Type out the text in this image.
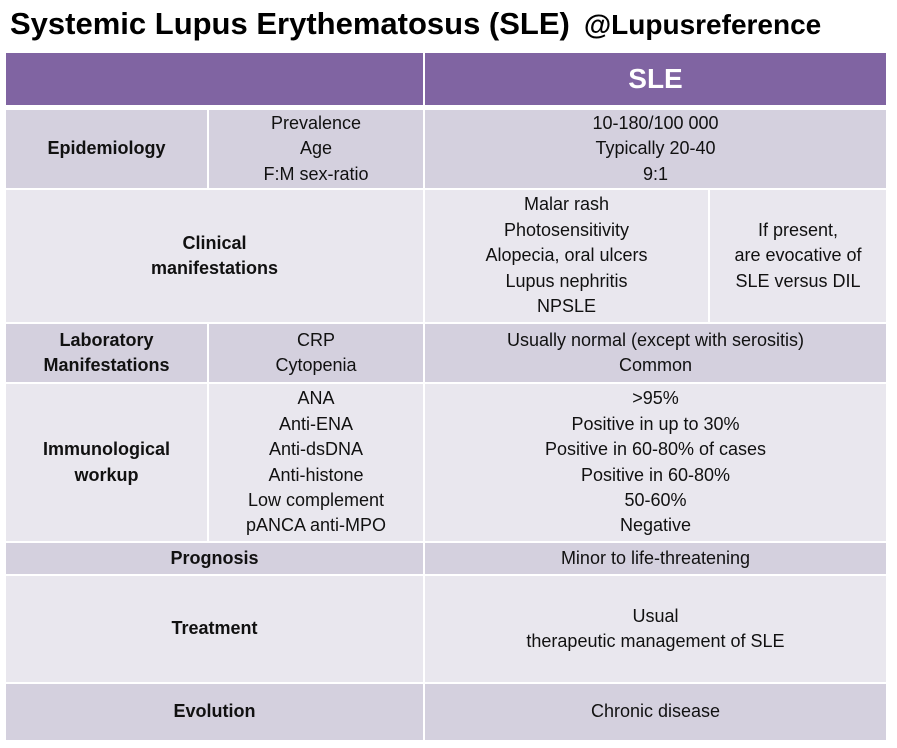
Systemic Lupus Erythematosus (SLE) @Lupusreference
SLE
Epidemiology
Prevalence
Age
F:M sex-ratio
10-180/100 000
Typically 20-40
9:1
Clinical
manifestations
Malar rash
Photosensitivity
Alopecia, oral ulcers
Lupus nephritis
NPSLE
If present,
are evocative of
SLE versus DIL
Laboratory
Manifestations
CRP
Cytopenia
Usually normal (except with serositis)
Common
Immunological
workup
ANA
Anti-ENA
Anti-dsDNA
Anti-histone
Low complement
pANCA anti-MPO
>95%
Positive in up to 30%
Positive in 60-80% of cases
Positive in 60-80%
50-60%
Negative
Prognosis	Minor to life-threatening
Treatment
Usual
therapeutic management of SLE
Evolution	Chronic disease
